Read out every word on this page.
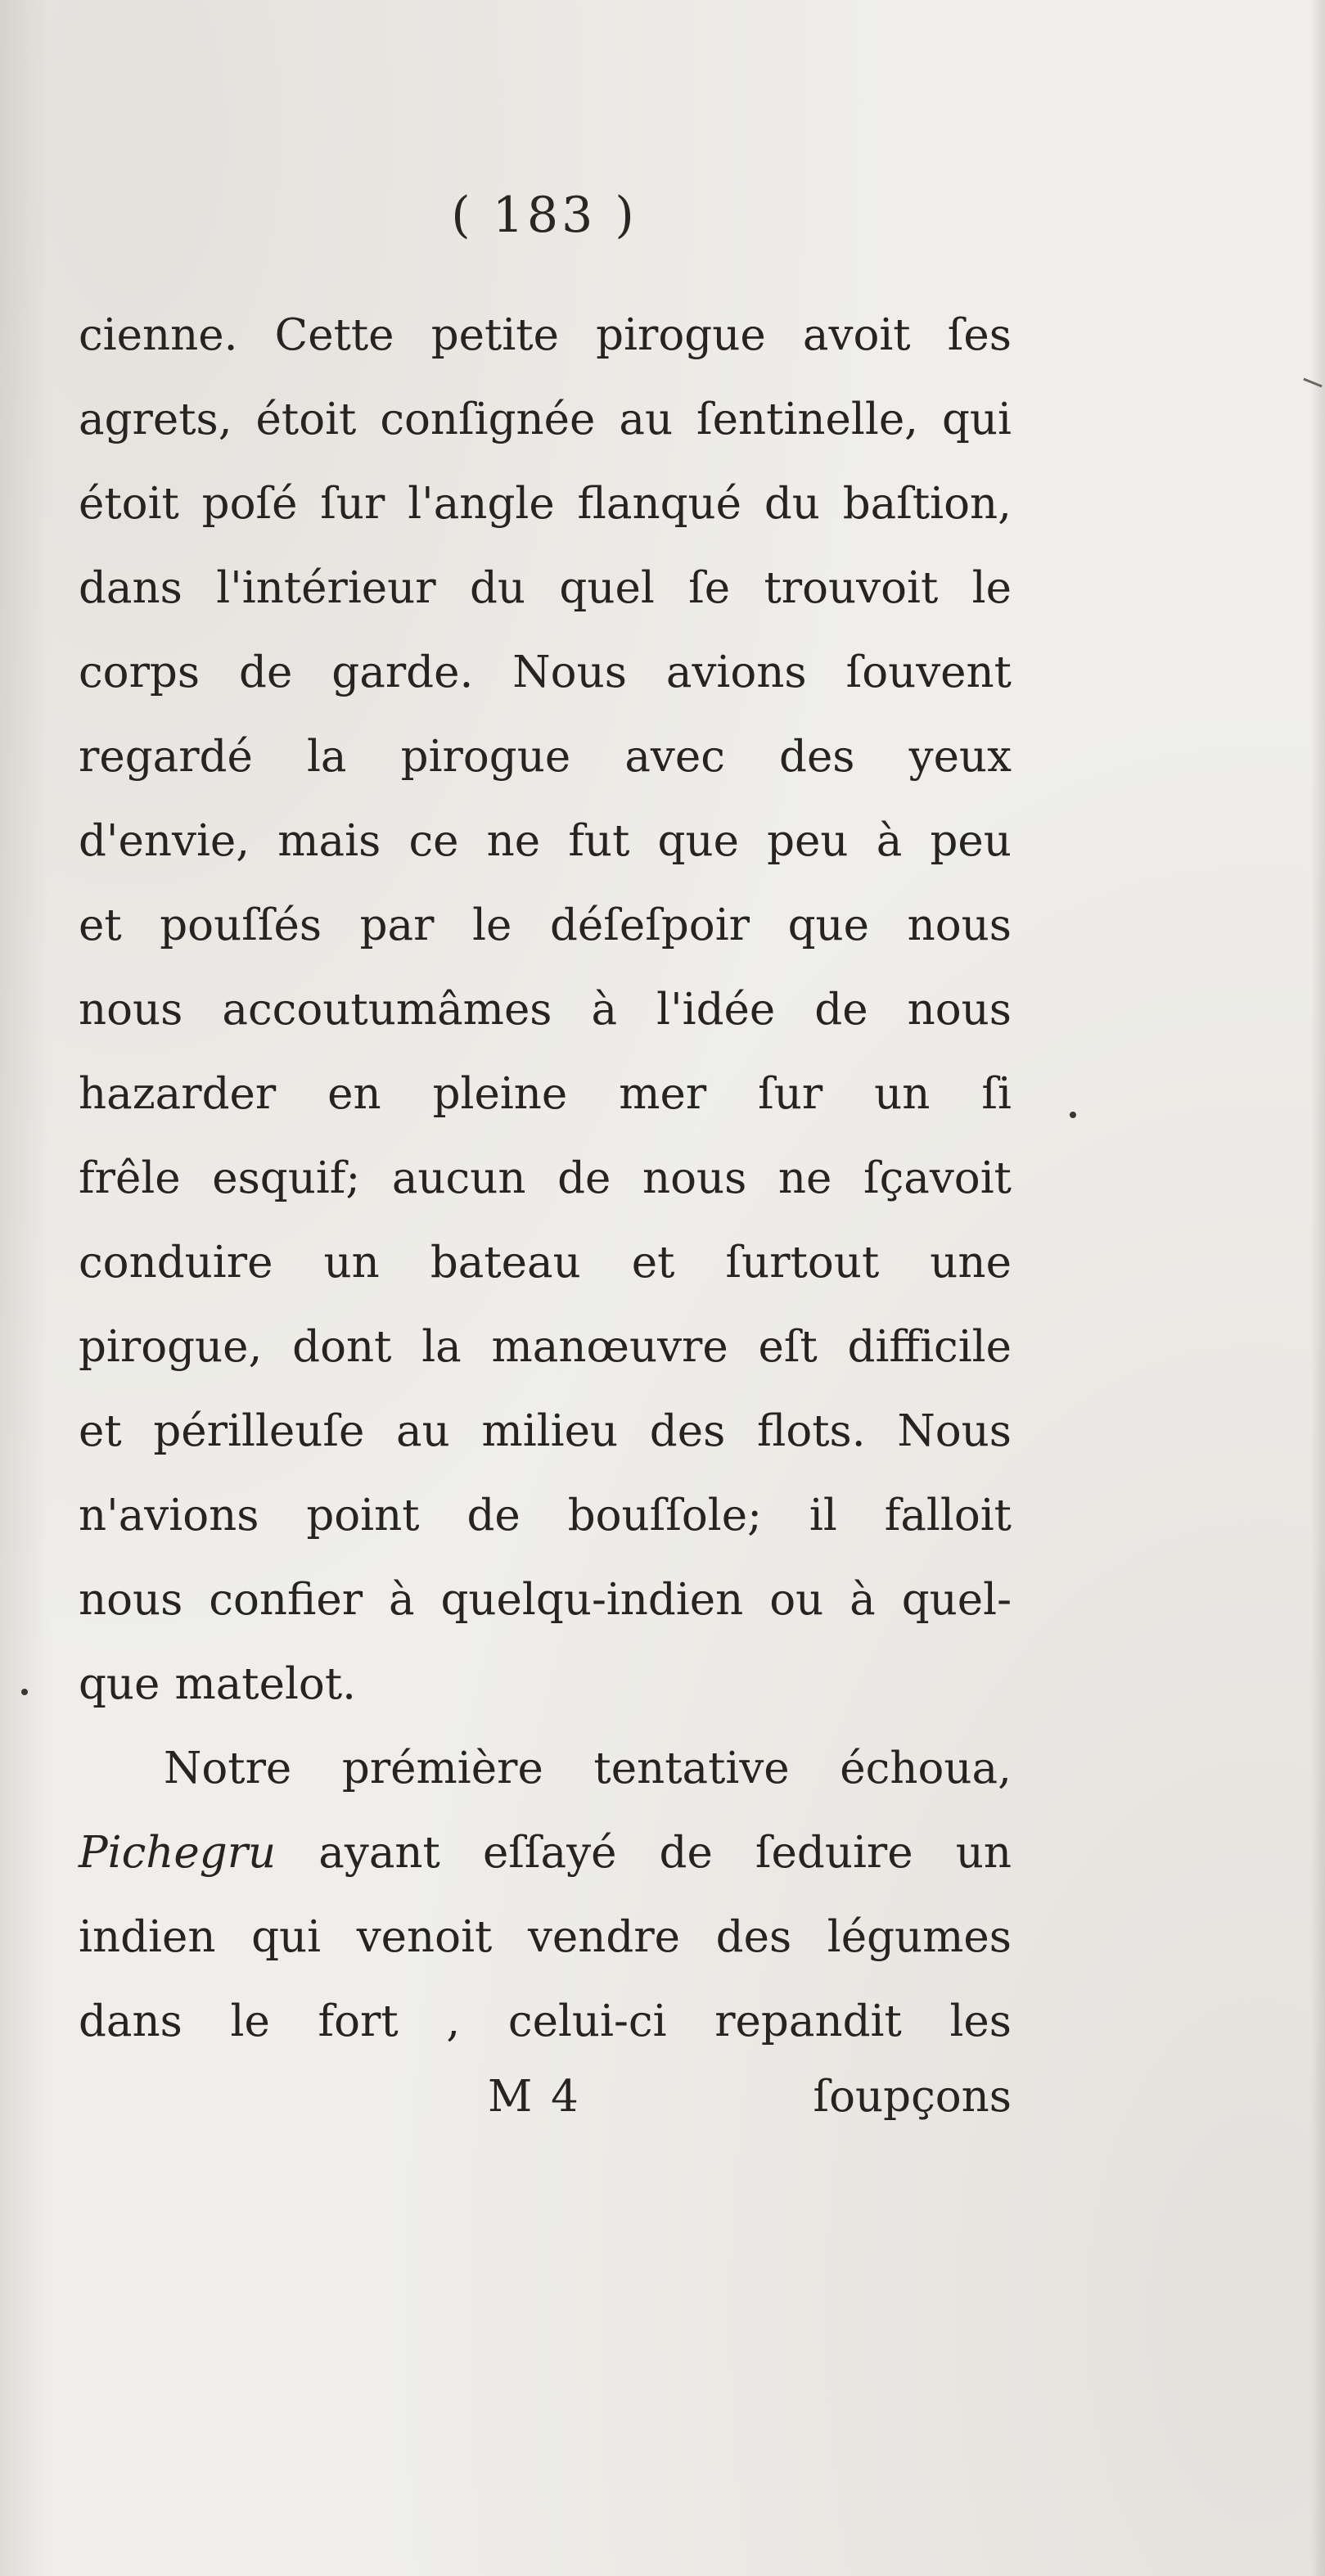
( 183 )
cienne. Cette petite pirogue avoit ſes
agrets, étoit conſignée au ſentinelle, qui
étoit poſé ſur l'angle flanqué du baſtion,
dans l'intérieur du quel ſe trouvoit le
corps de garde. Nous avions ſouvent
regardé la pirogue avec des yeux
d'envie, mais ce ne fut que peu à peu
et pouſſés par le déſeſpoir que nous
nous accoutumâmes à l'idée de nous
hazarder en pleine mer ſur un ſi
frêle esquif; aucun de nous ne ſçavoit
conduire un bateau et ſurtout une
pirogue, dont la manœuvre eſt difficile
et périlleuſe au milieu des flots. Nous
n'avions point de bouſſole; il falloit
nous confier à quelqu-indien ou à quel-
que matelot.
Notre prémière tentative échoua,
Pichegru ayant eſſayé de ſeduire un
indien qui venoit vendre des légumes
dans le fort , celui-ci repandit les
M 4	ſoupçons
